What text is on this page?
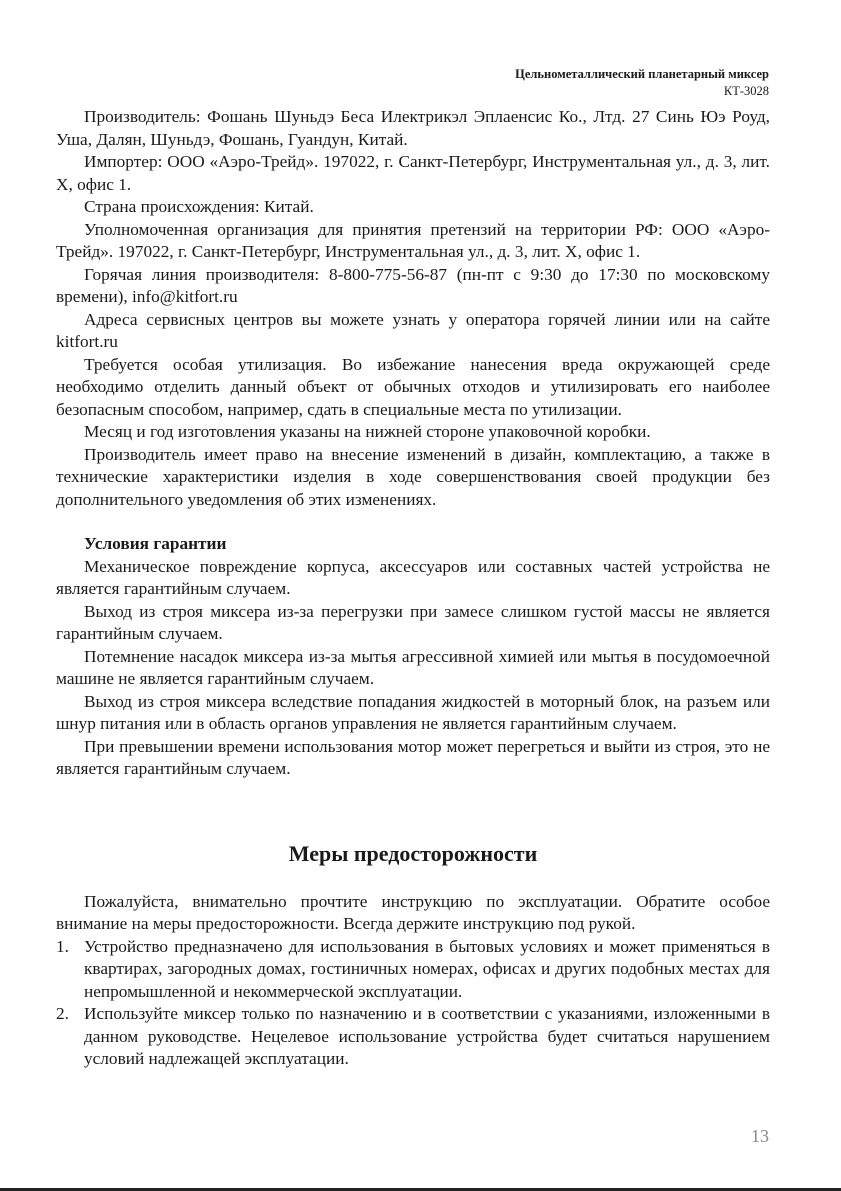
Цельнометаллический планетарный миксер
КТ-3028

Производитель: Фошань Шуньдэ Беса Илектрикэл Эплаенсис Ко., Лтд. 27 Синь Юэ Роуд, Уша, Далян, Шуньдэ, Фошань, Гуандун, Китай.

Импортер: ООО «Аэро-Трейд». 197022, г. Санкт-Петербург, Инструментальная ул., д. 3, лит. Х, офис 1.

Страна происхождения: Китай.

Уполномоченная организация для принятия претензий на территории РФ: ООО «Аэро-Трейд». 197022, г. Санкт-Петербург, Инструментальная ул., д. 3, лит. Х, офис 1.

Горячая линия производителя: 8-800-775-56-87 (пн-пт с 9:30 до 17:30 по московскому времени), info@kitfort.ru

Адреса сервисных центров вы можете узнать у оператора горячей линии или на сайте kitfort.ru

Требуется особая утилизация. Во избежание нанесения вреда окружающей среде необходимо отделить данный объект от обычных отходов и утилизировать его наиболее безопасным способом, например, сдать в специальные места по утилизации.

Месяц и год изготовления указаны на нижней стороне упаковочной коробки.

Производитель имеет право на внесение изменений в дизайн, комплектацию, а также в технические характеристики изделия в ходе совершенствования своей продукции без дополнительного уведомления об этих изменениях.

Условия гарантии

Механическое повреждение корпуса, аксессуаров или составных частей устройства не является гарантийным случаем.

Выход из строя миксера из-за перегрузки при замесе слишком густой массы не является гарантийным случаем.

Потемнение насадок миксера из-за мытья агрессивной химией или мытья в посудомоечной машине не является гарантийным случаем.

Выход из строя миксера вследствие попадания жидкостей в моторный блок, на разъем или шнур питания или в область органов управления не является гарантийным случаем.

При превышении времени использования мотор может перегреться и выйти из строя, это не является гарантийным случаем.

Меры предосторожности

Пожалуйста, внимательно прочтите инструкцию по эксплуатации. Обратите особое внимание на меры предосторожности. Всегда держите инструкцию под рукой.

1. Устройство предназначено для использования в бытовых условиях и может применяться в квартирах, загородных домах, гостиничных номерах, офисах и других подобных местах для непромышленной и некоммерческой эксплуатации.
2. Используйте миксер только по назначению и в соответствии с указаниями, изложенными в данном руководстве. Нецелевое использование устройства будет считаться нарушением условий надлежащей эксплуатации.
13
